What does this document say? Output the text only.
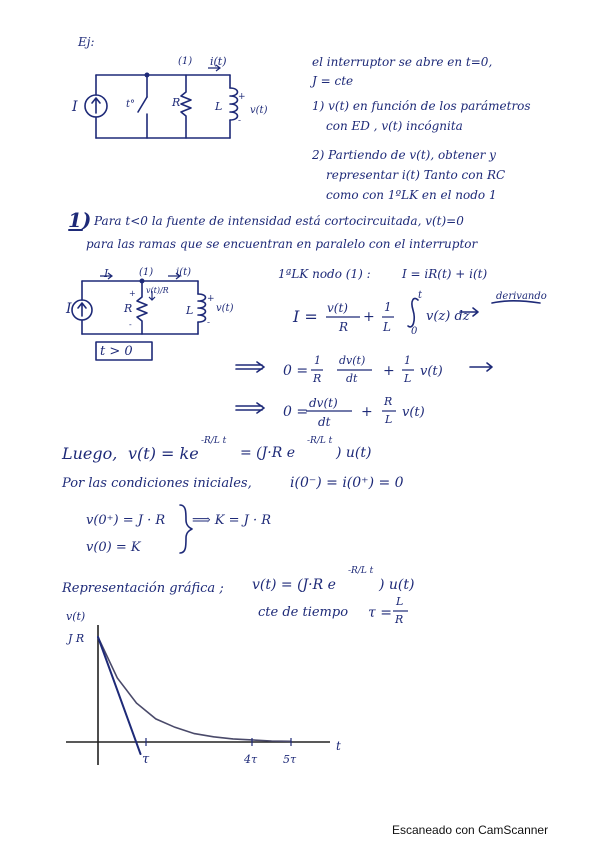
Ej:
(1) i(t)
I	t°	R	L	v(t)
el interruptor se abre en t=0,
J = cte
1) v(t) en función de los parámetros
con ED , v(t) incógnita
2) Partiendo de v(t), obtener y
representar i(t) Tanto con RC
como con 1ºLK en el nodo 1
1) Para t<0 la fuente de intensidad está cortocircuitada, v(t)=0
para las ramas que se encuentran en paralelo con el interruptor
I	(1) i(t)
I
v(t)/R
R	L v(t)
t > 0
1ªLK nodo (1) :	I = iR(t) + i(t)
I = v(t)
R
+
1
L
t
0
v(z) dz
derivando
0 =
1
R
dv(t)
dt +
1
L v(t)
0 =
dv(t)
dt
+
R
L v(t)
Luego, v(t) = ke
-R/L t
= (J·R e
-R/L t
) u(t)
Por las condiciones iniciales,	i(0⁻) = i(0⁺) = 0
v(0⁺) = J · R ⟹ K = J · R
v(0) = K
Representación gráfica ; v(t) = (J·R e
-R/L t
) u(t)
cte de tiempo τ =
L
R
+
-
+
-
+
-
v(t)
J R
t
τ	4τ 5τ
Escaneado con CamScanner
